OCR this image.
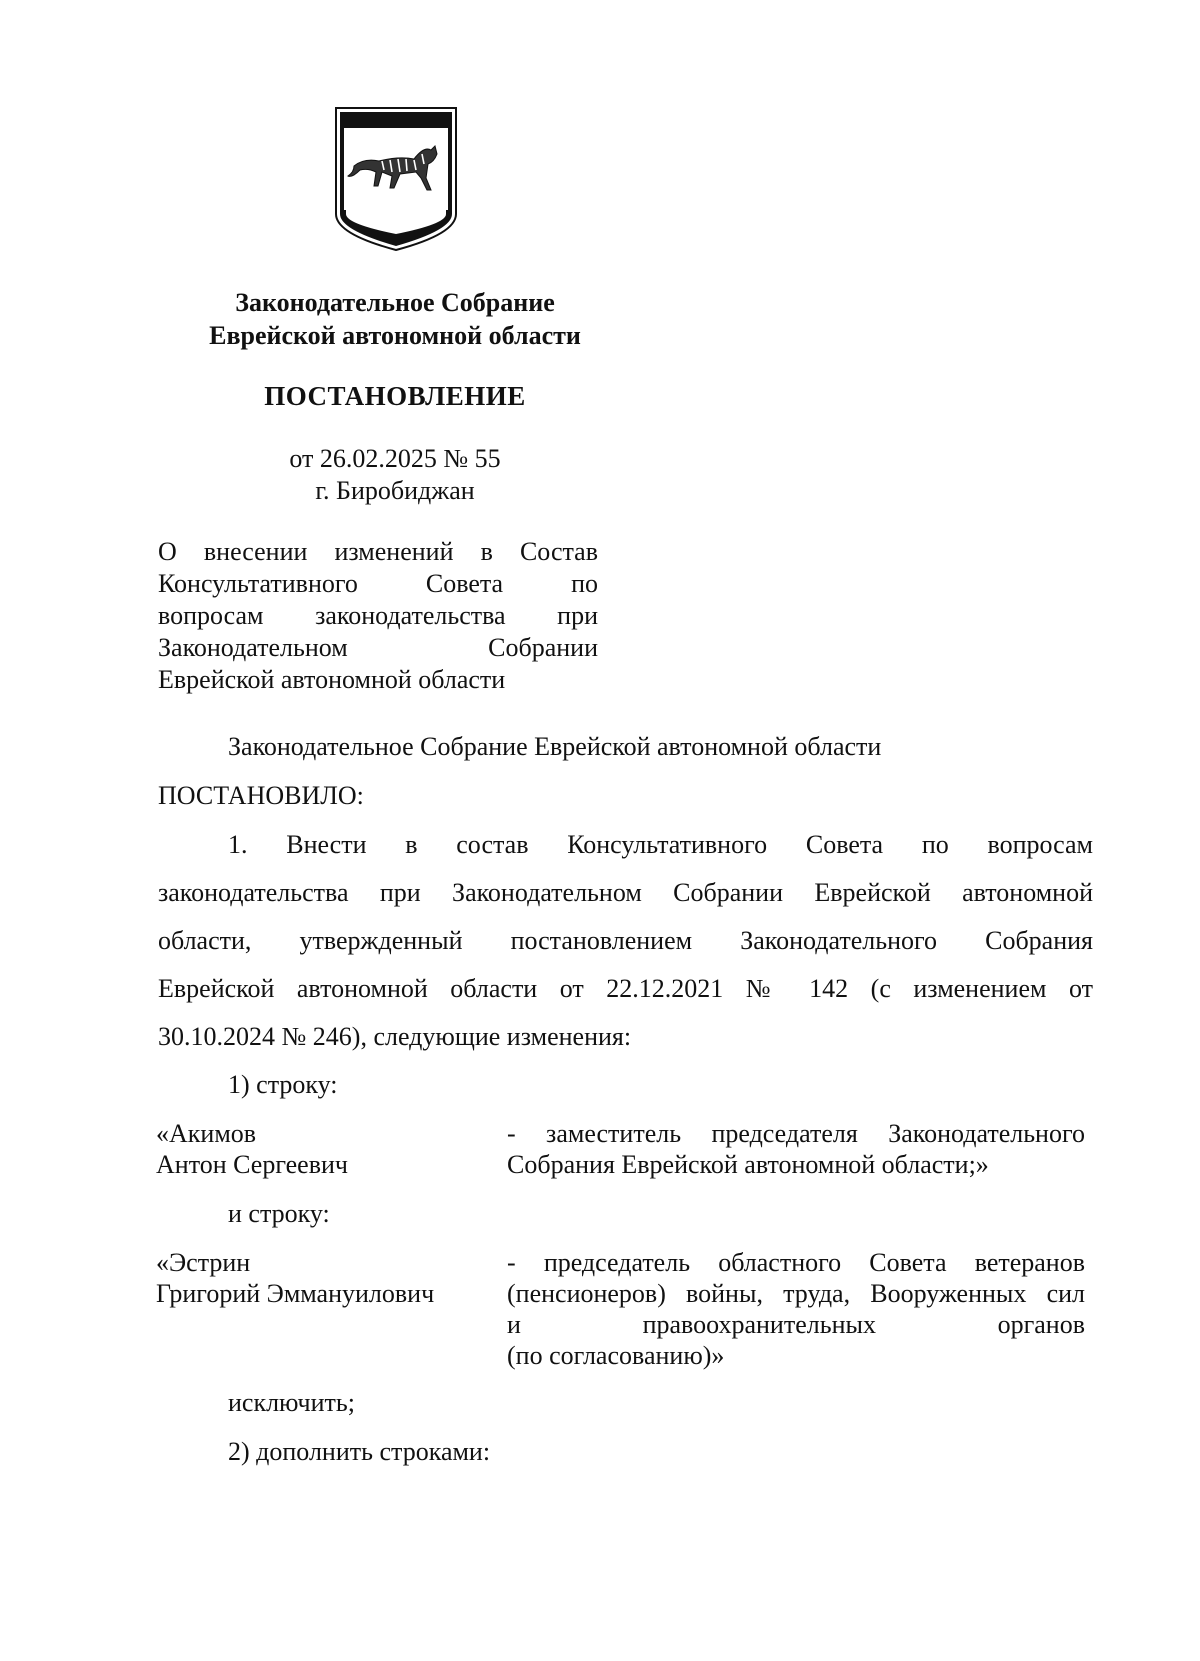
Законодательное Собрание
Еврейской автономной области
ПОСТАНОВЛЕНИЕ
от 26.02.2025 № 55
г. Биробиджан
О внесении изменений в Состав
Консультативного Совета по
вопросам законодательства при
Законодательном Собрании
Еврейской автономной области
Законодательное Собрание Еврейской автономной области
ПОСТАНОВИЛО:
1. Внести в состав Консультативного Совета по вопросам
законодательства при Законодательном Собрании Еврейской автономной
области, утвержденный постановлением Законодательного Собрания
Еврейской автономной области от 22.12.2021 № 142 (с изменением от
30.10.2024 № 246), следующие изменения:
1) строку:
«Акимов
Антон Сергеевич
- заместитель председателя Законодательного
Собрания Еврейской автономной области;»
и строку:
«Эстрин
Григорий Эммануилович
- председатель областного Совета ветеранов
(пенсионеров) войны, труда, Вооруженных сил
и правоохранительных органов
(по согласованию)»
исключить;
2) дополнить строками:
